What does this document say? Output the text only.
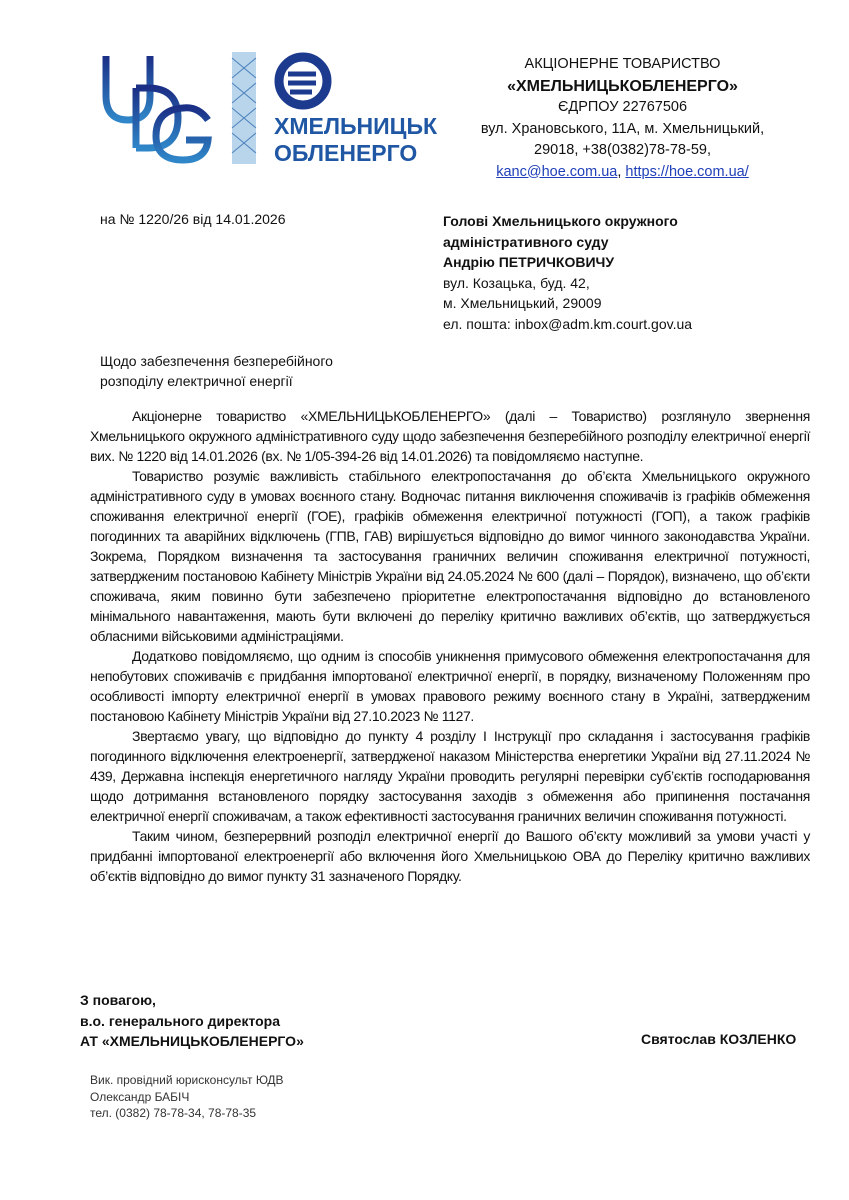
ХМЕЛЬНИЦЬК
ОБЛЕНЕРГО
АКЦІОНЕРНЕ ТОВАРИСТВО
«ХМЕЛЬНИЦЬКОБЛЕНЕРГО»
ЄДРПОУ 22767506
вул. Храновського, 11А, м. Хмельницький,
29018, +38(0382)78-78-59,
kanc@hoe.com.ua, https://hoe.com.ua/
на № 1220/26 від 14.01.2026	Голові Хмельницького окружного
адміністративного суду
Андрію ПЕТРИЧКОВИЧУ
вул. Козацька, буд. 42,
м. Хмельницький, 29009
ел. пошта: inbox@adm.km.court.gov.ua
Щодо забезпечення безперебійного
розподілу електричної енергії

Акціонерне товариство «ХМЕЛЬНИЦЬКОБЛЕНЕРГО» (далі – Товариство) розглянуло звернення Хмельницького окружного адміністративного суду щодо забезпечення безперебійного розподілу електричної енергії вих. № 1220 від 14.01.2026 (вх. № 1/05-394-26 від 14.01.2026) та повідомляємо наступне.

Товариство розуміє важливість стабільного електропостачання до об’єкта Хмельницького окружного адміністративного суду в умовах воєнного стану. Водночас питання виключення споживачів із графіків обмеження споживання електричної енергії (ГОЕ), графіків обмеження електричної потужності (ГОП), а також графіків погодинних та аварійних відключень (ГПВ, ГАВ) вирішується відповідно до вимог чинного законодавства України. Зокрема, Порядком визначення та застосування граничних величин споживання електричної потужності, затвердженим постановою Кабінету Міністрів України від 24.05.2024 № 600 (далі – Порядок), визначено, що об’єкти споживача, яким повинно бути забезпечено пріоритетне електропостачання відповідно до встановленого мінімального навантаження, мають бути включені до переліку критично важливих об’єктів, що затверджується обласними військовими адміністраціями.

Додатково повідомляємо, що одним із способів уникнення примусового обмеження електропостачання для непобутових споживачів є придбання імпортованої електричної енергії, в порядку, визначеному Положенням про особливості імпорту електричної енергії в умовах правового режиму воєнного стану в Україні, затвердженим постановою Кабінету Міністрів України від 27.10.2023 № 1127.

Звертаємо увагу, що відповідно до пункту 4 розділу I Інструкції про складання і застосування графіків погодинного відключення електроенергії, затвердженої наказом Міністерства енергетики України від 27.11.2024 № 439, Державна інспекція енергетичного нагляду України проводить регулярні перевірки суб’єктів господарювання щодо дотримання встановленого порядку застосування заходів з обмеження або припинення постачання електричної енергії споживачам, а також ефективності застосування граничних величин споживання потужності.

Таким чином, безперервний розподіл електричної енергії до Вашого об’єкту можливий за умови участі у придбанні імпортованої електроенергії або включення його Хмельницькою ОВА до Переліку критично важливих об’єктів відповідно до вимог пункту 31 зазначеного Порядку.

З повагою,
в.о. генерального директора
АТ «ХМЕЛЬНИЦЬКОБЛЕНЕРГО»	Святослав КОЗЛЕНКО
Вик. провідний юрисконсульт ЮДВ
Олександр БАБІЧ
тел. (0382) 78-78-34, 78-78-35
